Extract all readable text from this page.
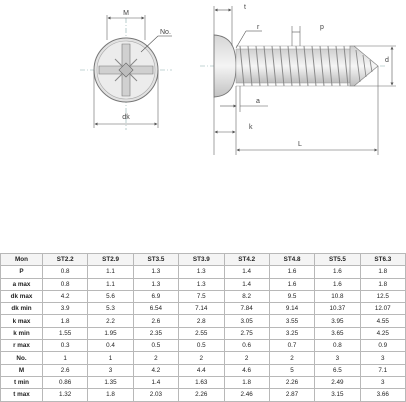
M
No.
dk
t
r	p
d
a
k
L
Mon	ST2.2	ST2.9	ST3.5	ST3.9	ST4.2	ST4.8	ST5.5	ST6.3
P	0.8	1.1	1.3	1.3	1.4	1.6	1.6	1.8
a max	0.8	1.1	1.3	1.3	1.4	1.6	1.6	1.8
dk max	4.2	5.6	6.9	7.5	8.2	9.5	10.8	12.5
dk min	3.9	5.3	6.54	7.14	7.84	9.14	10.37	12.07
k max	1.8	2.2	2.6	2.8	3.05	3.55	3.95	4.55
k min	1.55	1.95	2.35	2.55	2.75	3.25	3.65	4.25
r max	0.3	0.4	0.5	0.5	0.6	0.7	0.8	0.9
No.	1	1	2	2	2	2	3	3
M	2.6	3	4.2	4.4	4.6	5	6.5	7.1
t min	0.86	1.35	1.4	1.63	1.8	2.26	2.49	3
t max	1.32	1.8	2.03	2.26	2.46	2.87	3.15	3.66
